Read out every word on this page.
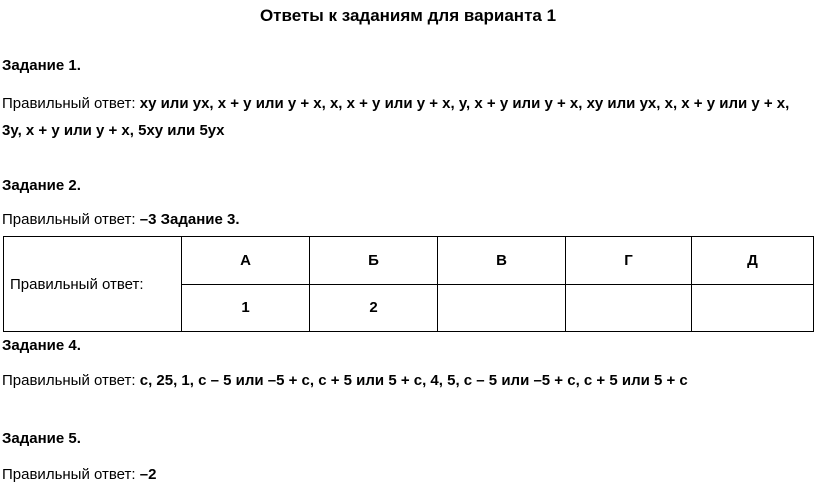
Ответы к заданиям для варианта 1
Задание 1.
Правильный ответ: xy или yx, x + y или y + x, x, x + y или y + x, y, x + y или y + x, xy или yx, x, x + y или y + x,
3y, x + y или y + x, 5xy или 5yx
Задание 2.
Правильный ответ: –3 Задание 3.
Правильный ответ:	А	Б	В	Г	Д
	1	2			
Задание 4.
Правильный ответ: c, 25, 1, c – 5 или –5 + c, c + 5 или 5 + c, 4, 5, c – 5 или –5 + c, c + 5 или 5 + c
Задание 5.
Правильный ответ: –2
